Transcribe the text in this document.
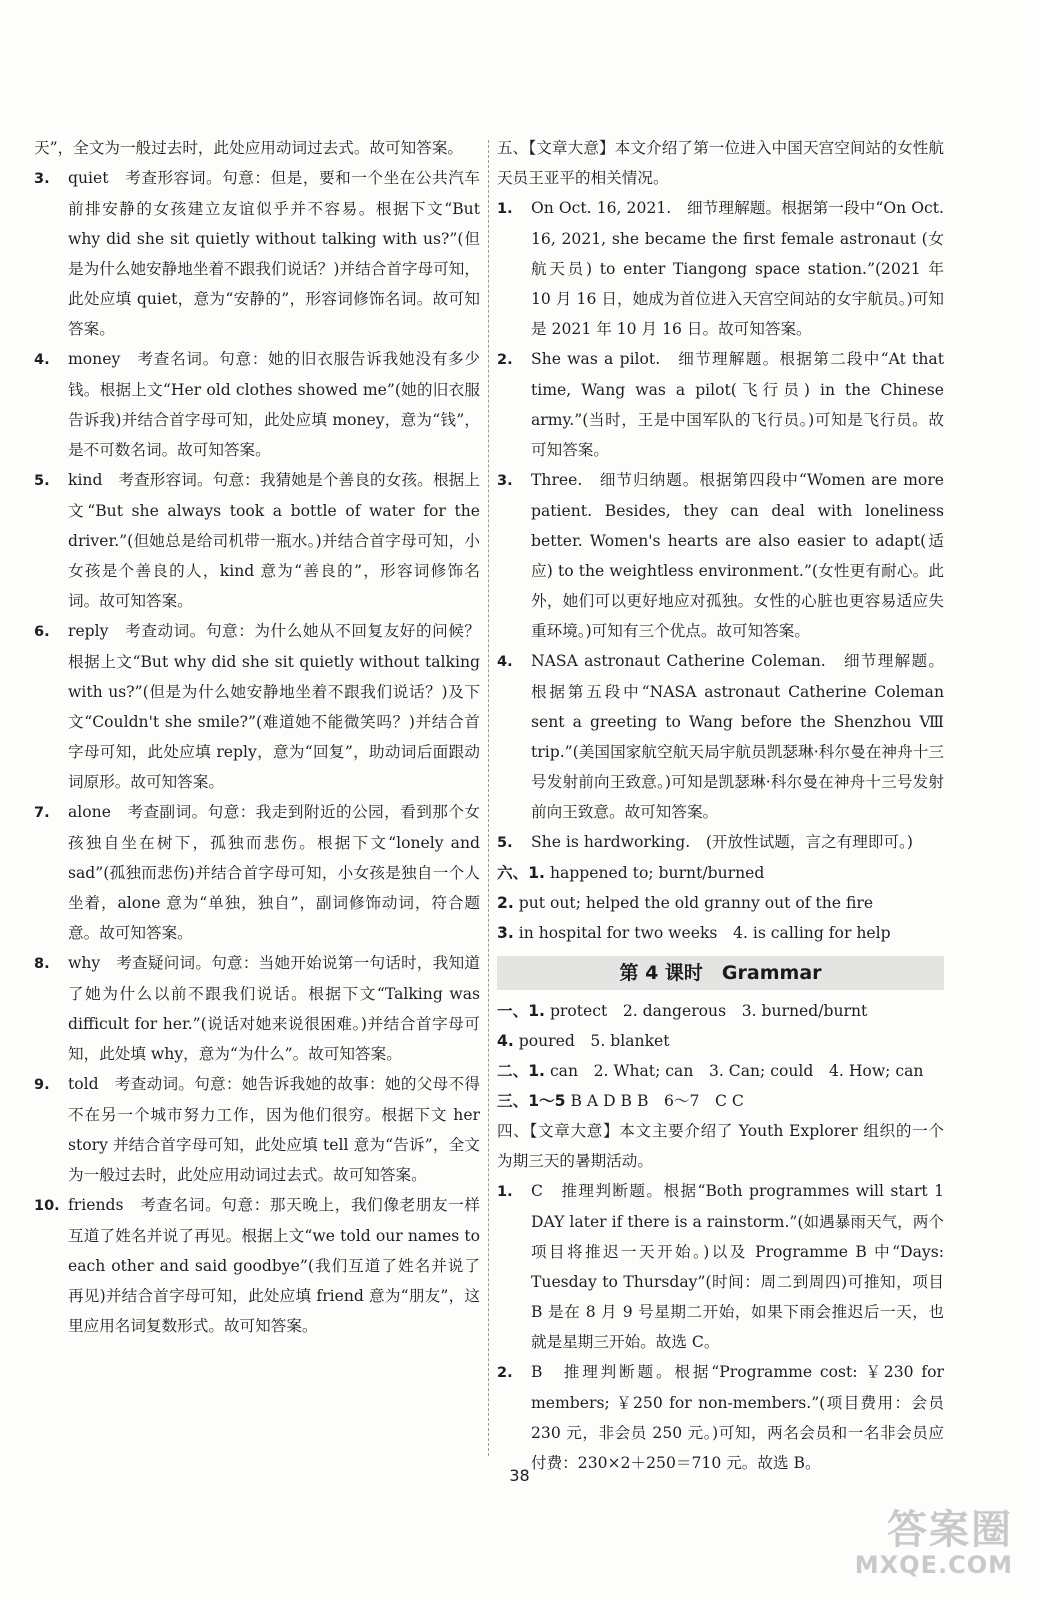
天”，全文为一般过去时，此处应用动词过去式。故可知答案。

3. quiet　考查形容词。句意：但是，要和一个坐在公共汽车前排安静的女孩建立友谊似乎并不容易。根据下文“But why did she sit quietly without talking with us?”(但是为什么她安静地坐着不跟我们说话？)并结合首字母可知，此处应填 quiet，意为“安静的”，形容词修饰名词。故可知答案。

4. money　考查名词。句意：她的旧衣服告诉我她没有多少钱。根据上文“Her old clothes showed me”(她的旧衣服告诉我)并结合首字母可知，此处应填 money，意为“钱”，是不可数名词。故可知答案。

5. kind　考查形容词。句意：我猜她是个善良的女孩。根据上文“But she always took a bottle of water for the driver.”(但她总是给司机带一瓶水。)并结合首字母可知，小女孩是个善良的人，kind 意为“善良的”，形容词修饰名词。故可知答案。

6. reply　考查动词。句意：为什么她从不回复友好的问候？根据上文“But why did she sit quietly without talking with us?”(但是为什么她安静地坐着不跟我们说话？)及下文“Couldn't she smile?”(难道她不能微笑吗？)并结合首字母可知，此处应填 reply，意为“回复”，助动词后面跟动词原形。故可知答案。

7. alone　考查副词。句意：我走到附近的公园，看到那个女孩独自坐在树下，孤独而悲伤。根据下文“lonely and sad”(孤独而悲伤)并结合首字母可知，小女孩是独自一个人坐着，alone 意为“单独，独自”，副词修饰动词，符合题意。故可知答案。

8. why　考查疑问词。句意：当她开始说第一句话时，我知道了她为什么以前不跟我们说话。根据下文“Talking was difficult for her.”(说话对她来说很困难。)并结合首字母可知，此处填 why，意为“为什么”。故可知答案。

9. told　考查动词。句意：她告诉我她的故事：她的父母不得不在另一个城市努力工作，因为他们很穷。根据下文 her story 并结合首字母可知，此处应填 tell 意为“告诉”，全文为一般过去时，此处应用动词过去式。故可知答案。

10. friends　考查名词。句意：那天晚上，我们像老朋友一样互道了姓名并说了再见。根据上文“we told our names to each other and said goodbye”(我们互道了姓名并说了再见)并结合首字母可知，此处应填 friend 意为“朋友”，这里应用名词复数形式。故可知答案。

五、【文章大意】本文介绍了第一位进入中国天宫空间站的女性航天员王亚平的相关情况。

1. On Oct. 16, 2021.　细节理解题。根据第一段中“On Oct. 16, 2021, she became the first female astronaut (女航天员) to enter Tiangong space station.”(2021 年 10 月 16 日，她成为首位进入天宫空间站的女宇航员。)可知是 2021 年 10 月 16 日。故可知答案。

2. She was a pilot.　细节理解题。根据第二段中“At that time, Wang was a pilot(飞行员) in the Chinese army.”(当时，王是中国军队的飞行员。)可知是飞行员。故可知答案。

3. Three.　细节归纳题。根据第四段中“Women are more patient. Besides, they can deal with loneliness better. Women's hearts are also easier to adapt(适应) to the weightless environment.”(女性更有耐心。此外，她们可以更好地应对孤独。女性的心脏也更容易适应失重环境。)可知有三个优点。故可知答案。

4. NASA astronaut Catherine Coleman.　细节理解题。根据第五段中“NASA astronaut Catherine Coleman sent a greeting to Wang before the Shenzhou Ⅷ trip.”(美国国家航空航天局宇航员凯瑟琳·科尔曼在神舟十三号发射前向王致意。)可知是凯瑟琳·科尔曼在神舟十三号发射前向王致意。故可知答案。

5. She is hardworking.　(开放性试题，言之有理即可。)

六、1. happened to; burnt/burned

2. put out; helped the old granny out of the fire

3. in hospital for two weeks　4. is calling for help

第 4 课时　Grammar

一、1. protect　2. dangerous　3. burned/burnt

4. poured　5. blanket

二、1. can　2. What; can　3. Can; could　4. How; can

三、1～5 B A D B B　6～7　C C

四、【文章大意】本文主要介绍了 Youth Explorer 组织的一个为期三天的暑期活动。

1. C　推理判断题。根据“Both programmes will start 1 DAY later if there is a rainstorm.”(如遇暴雨天气，两个项目将推迟一天开始。)以及 Programme B 中“Days: Tuesday to Thursday”(时间：周二到周四)可推知，项目 B 是在 8 月 9 号星期二开始，如果下雨会推迟后一天，也就是星期三开始。故选 C。

2. B　推理判断题。根据“Programme cost: ￥230 for members; ￥250 for non-members.”(项目费用：会员 230 元，非会员 250 元。)可知，两名会员和一名非会员应付费：230×2＋250＝710 元。故选 B。

38
答案圈
MXQE.COM
